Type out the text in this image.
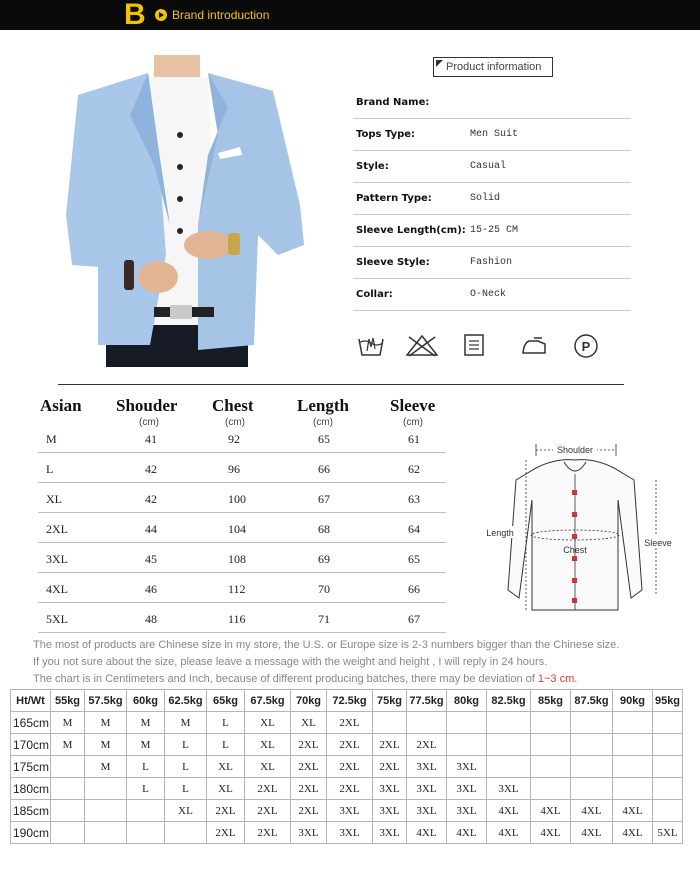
B Brand introduction
Product information
Brand Name:
Tops Type:	Men Suit
Style:	Casual
Pattern Type:	Solid
Sleeve Length(cm): 15-25 CM
Sleeve Style:	Fashion
Collar:	O-Neck
P
Asian Shouder Chest	Length Sleeve
(cm)	(cm)	(cm)	(cm)
M	41	92	65	61
L	42	96	66	62
XL	42	100	67	63
2XL	44	104	68	64
3XL	45	108	69	65
4XL	46	112	70	66
5XL	48	116	71	67
Shoulder
Chest
Length
Sleeve
The most of products are Chinese size in my store, the U.S. or Europe size is 2-3 numbers bigger than the Chinese size.
If you not sure about the size, please leave a message with the weight and height , I will reply in 24 hours.
The chart is in Centimeters and Inch, because of different producing batches, there may be deviation of 1~3 cm.
Ht/Wt	55kg	57.5kg	60kg	62.5kg	65kg	67.5kg	70kg	72.5kg	75kg	77.5kg	80kg	82.5kg	85kg	87.5kg	90kg	95kg
165cm	M	M	M	M	L	XL	XL	2XL								
170cm	M	M	M	L	L	XL	2XL	2XL	2XL	2XL						
175cm		M	L	L	XL	XL	2XL	2XL	2XL	3XL	3XL					
180cm			L	L	XL	2XL	2XL	2XL	3XL	3XL	3XL	3XL				
185cm				XL	2XL	2XL	2XL	3XL	3XL	3XL	3XL	4XL	4XL	4XL	4XL	
190cm					2XL	2XL	3XL	3XL	3XL	4XL	4XL	4XL	4XL	4XL	4XL	5XL
